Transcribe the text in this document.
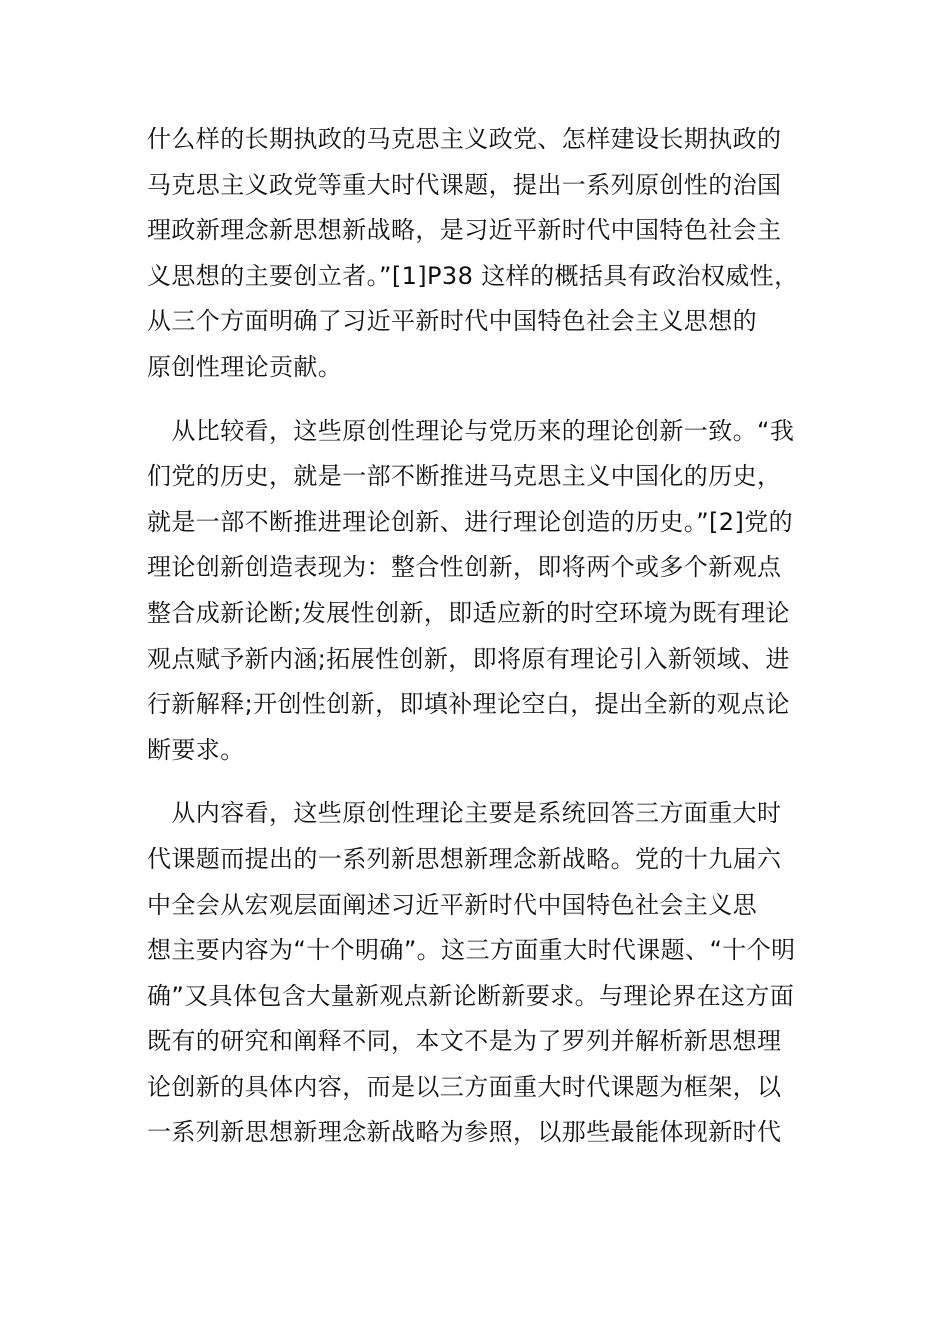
什么样的长期执政的马克思主义政党、怎样建设长期执政的
马克思主义政党等重大时代课题，提出一系列原创性的治国
理政新理念新思想新战略，是习近平新时代中国特色社会主
义思想的主要创立者。”[1]P38 这样的概括具有政治权威性，
从三个方面明确了习近平新时代中国特色社会主义思想的
原创性理论贡献。
　从比较看，这些原创性理论与党历来的理论创新一致。“我
们党的历史，就是一部不断推进马克思主义中国化的历史，
就是一部不断推进理论创新、进行理论创造的历史。”[2]党的
理论创新创造表现为：整合性创新，即将两个或多个新观点
整合成新论断;发展性创新，即适应新的时空环境为既有理论
观点赋予新内涵;拓展性创新，即将原有理论引入新领域、进
行新解释;开创性创新，即填补理论空白，提出全新的观点论
断要求。
　从内容看，这些原创性理论主要是系统回答三方面重大时
代课题而提出的一系列新思想新理念新战略。党的十九届六
中全会从宏观层面阐述习近平新时代中国特色社会主义思
想主要内容为“十个明确”。这三方面重大时代课题、“十个明
确”又具体包含大量新观点新论断新要求。与理论界在这方面
既有的研究和阐释不同，本文不是为了罗列并解析新思想理
论创新的具体内容，而是以三方面重大时代课题为框架，以
一系列新思想新理念新战略为参照，以那些最能体现新时代
